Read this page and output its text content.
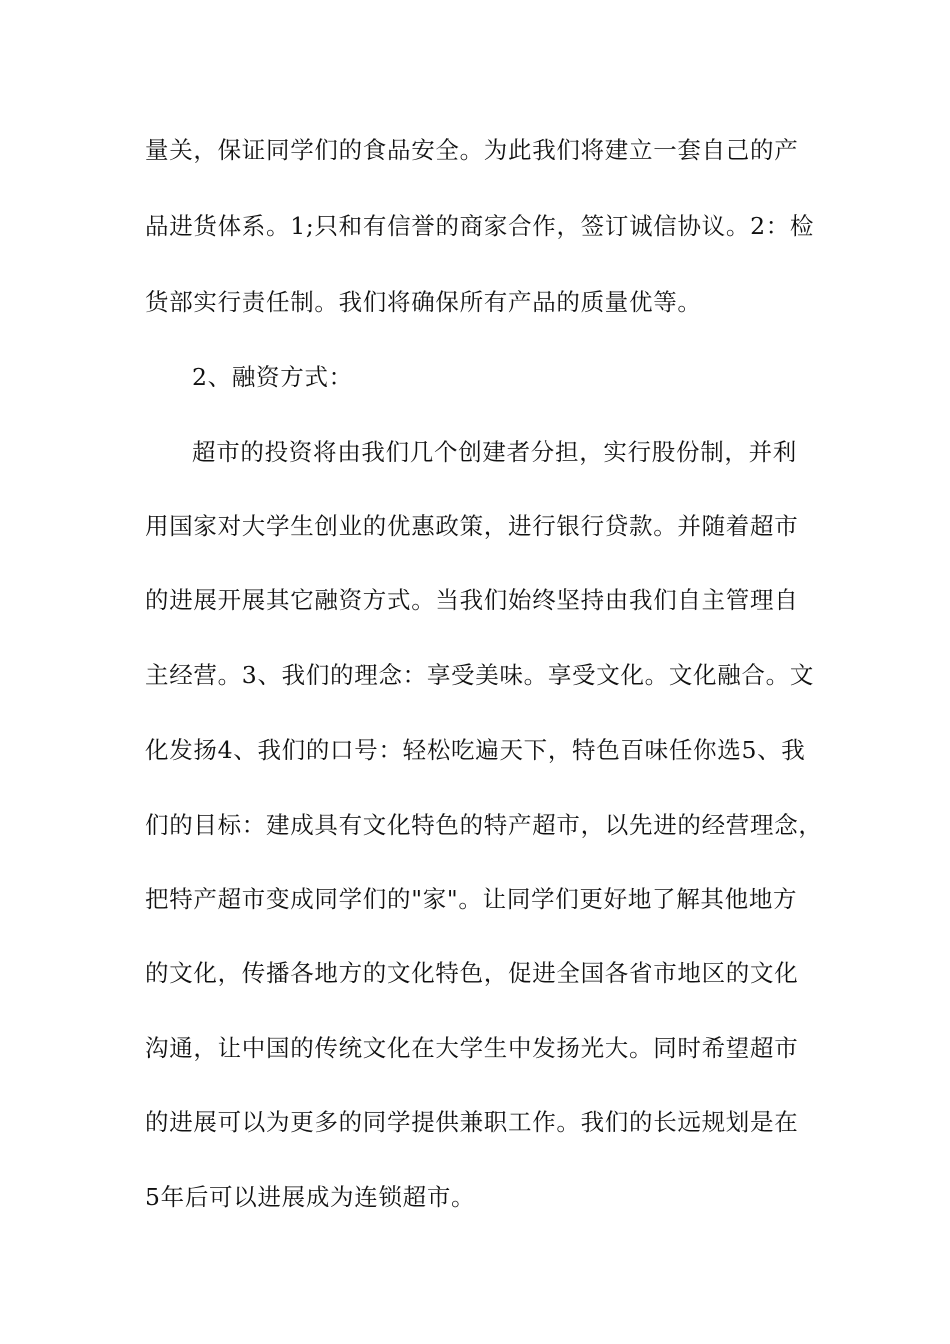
量关，保证同学们的食品安全。为此我们将建立一套自己的产
品进货体系。1;只和有信誉的商家合作，签订诚信协议。2：检
货部实行责任制。我们将确保所有产品的质量优等。
2、融资方式：
超市的投资将由我们几个创建者分担，实行股份制，并利
用国家对大学生创业的优惠政策，进行银行贷款。并随着超市
的进展开展其它融资方式。当我们始终坚持由我们自主管理自
主经营。3、我们的理念：享受美味。享受文化。文化融合。文
化发扬4、我们的口号：轻松吃遍天下，特色百味任你选5、我
们的目标：建成具有文化特色的特产超市，以先进的经营理念，
把特产超市变成同学们的"家"。让同学们更好地了解其他地方
的文化，传播各地方的文化特色，促进全国各省市地区的文化
沟通，让中国的传统文化在大学生中发扬光大。同时希望超市
的进展可以为更多的同学提供兼职工作。我们的长远规划是在
5年后可以进展成为连锁超市。
